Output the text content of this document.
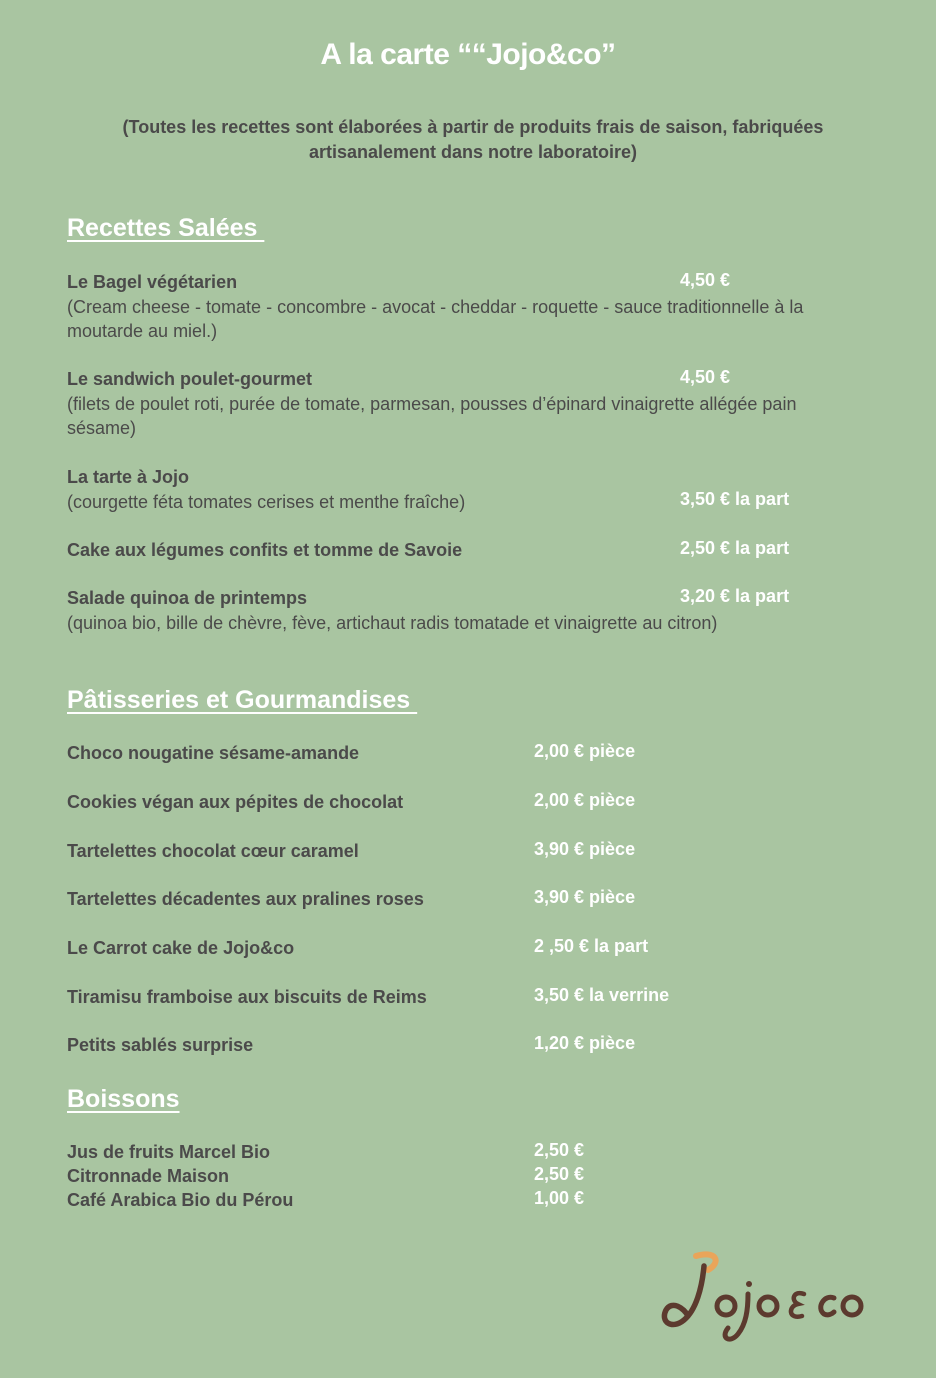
A la carte ““Jojo&co”
(Toutes les recettes sont élaborées à partir de produits frais de saison, fabriquées artisanalement dans notre laboratoire)
Recettes Salées
Le Bagel végétarien
(Cream cheese - tomate - concombre - avocat - cheddar - roquette - sauce traditionnelle à la moutarde au miel.)
4,50 €
Le sandwich poulet-gourmet
(filets de poulet roti, purée de tomate, parmesan, pousses d’épinard vinaigrette allégée pain sésame)
4,50 €
La tarte à Jojo
(courgette féta tomates cerises et menthe fraîche)	3,50 € la part
Cake aux légumes confits et tomme de Savoie	2,50 € la part
Salade quinoa de printemps
(quinoa bio, bille de chèvre, fève, artichaut radis tomatade et vinaigrette au citron)
3,20 € la part
Pâtisseries et Gourmandises
Choco nougatine sésame-amande	2,00 € pièce
Cookies végan aux pépites de chocolat	2,00 € pièce
Tartelettes chocolat cœur caramel	3,90 € pièce
Tartelettes décadentes aux pralines roses	3,90 € pièce
Le Carrot cake de Jojo&co	2 ,50 € la part
Tiramisu framboise aux biscuits de Reims	3,50 € la verrine
Petits sablés surprise	1,20 € pièce
Boissons
Jus de fruits Marcel Bio	2,50 €
Citronnade Maison	2,50 €
Café Arabica Bio du Pérou	1,00 €
